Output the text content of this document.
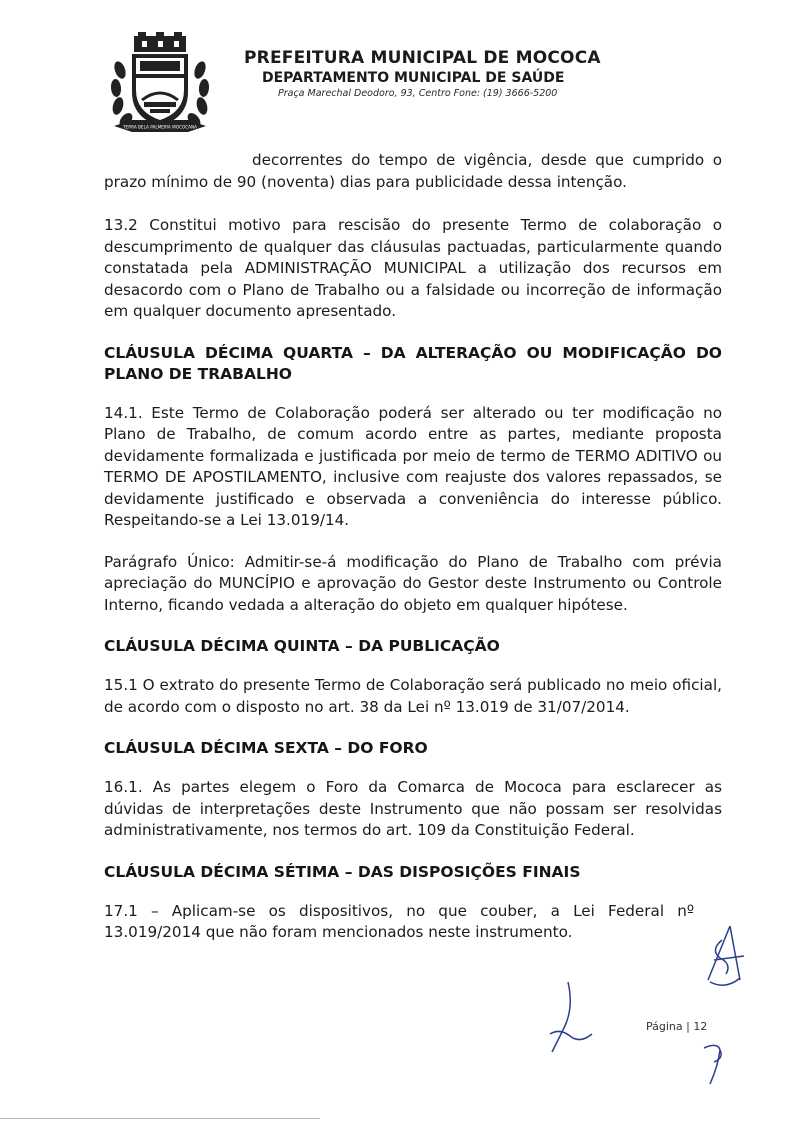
TERRA BELA PALMEIRA MOCOCANA
PREFEITURA MUNICIPAL DE MOCOCA
DEPARTAMENTO MUNICIPAL DE SAÚDE
Praça Marechal Deodoro, 93, Centro Fone: (19) 3666-5200

decorrentes do tempo de vigência, desde que cumprido o prazo mínimo de 90 (noventa) dias para publicidade dessa intenção.

13.2 Constitui motivo para rescisão do presente Termo de colaboração o descumprimento de qualquer das cláusulas pactuadas, particularmente quando constatada pela ADMINISTRAÇÃO MUNICIPAL a utilização dos recursos em desacordo com o Plano de Trabalho ou a falsidade ou incorreção de informação em qualquer documento apresentado.

CLÁUSULA DÉCIMA QUARTA – DA ALTERAÇÃO OU MODIFICAÇÃO DO PLANO DE TRABALHO

14.1. Este Termo de Colaboração poderá ser alterado ou ter modificação no Plano de Trabalho, de comum acordo entre as partes, mediante proposta devidamente formalizada e justificada por meio de termo de TERMO ADITIVO ou TERMO DE APOSTILAMENTO, inclusive com reajuste dos valores repassados, se devidamente justificado e observada a conveniência do interesse público. Respeitando-se a Lei 13.019/14.

Parágrafo Único: Admitir-se-á modificação do Plano de Trabalho com prévia apreciação do MUNCÍPIO e aprovação do Gestor deste Instrumento ou Controle Interno, ficando vedada a alteração do objeto em qualquer hipótese.

CLÁUSULA DÉCIMA QUINTA – DA PUBLICAÇÃO

15.1 O extrato do presente Termo de Colaboração será publicado no meio oficial, de acordo com o disposto no art. 38 da Lei nº 13.019 de 31/07/2014.

CLÁUSULA DÉCIMA SEXTA – DO FORO

16.1. As partes elegem o Foro da Comarca de Mococa para esclarecer as dúvidas de interpretações deste Instrumento que não possam ser resolvidas administrativamente, nos termos do art. 109 da Constituição Federal.

CLÁUSULA DÉCIMA SÉTIMA – DAS DISPOSIÇÕES FINAIS

17.1 – Aplicam-se os dispositivos, no que couber, a Lei Federal nº 13.019/2014 que não foram mencionados neste instrumento.

Página | 12
